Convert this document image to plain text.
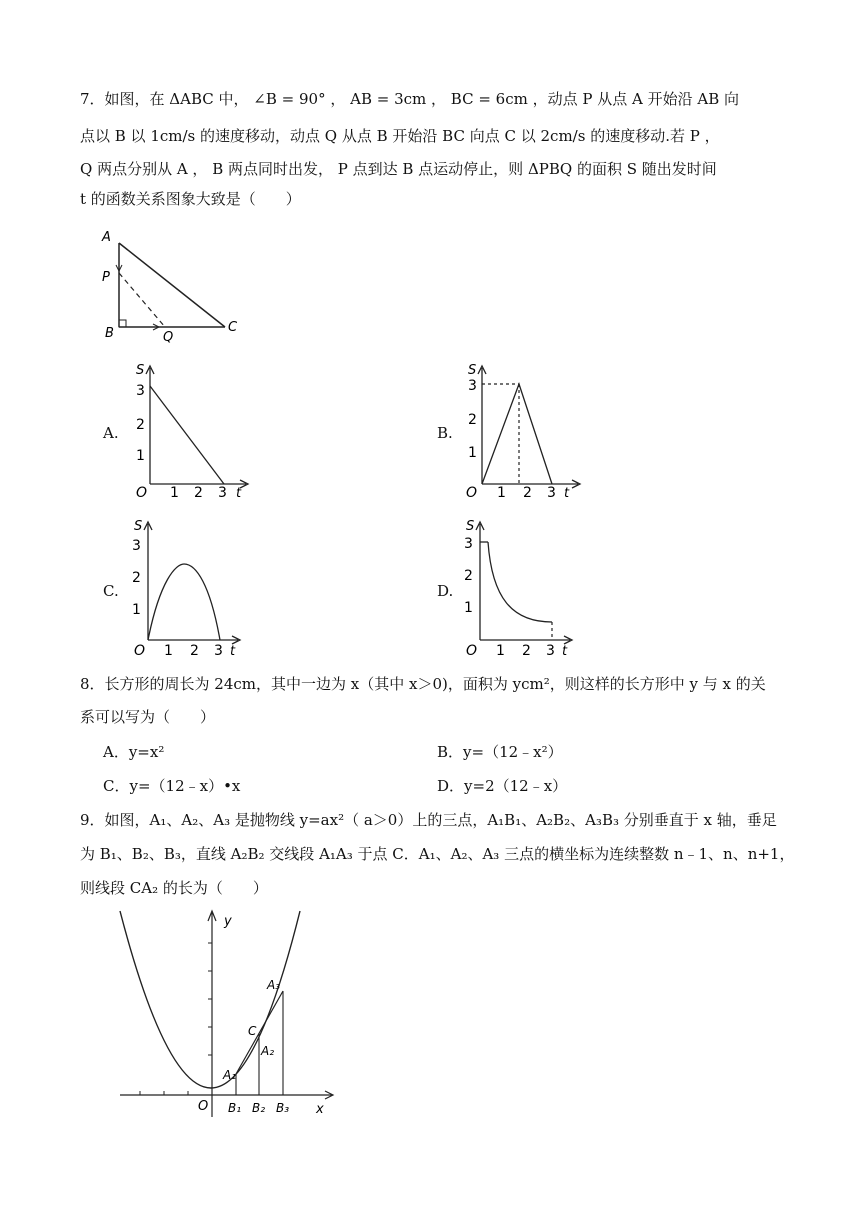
7．如图，在 ΔABC 中， ∠B = 90° ， AB = 3cm ， BC = 6cm ，动点 P 从点 A 开始沿 AB 向
点以 B 以 1cm/s 的速度移动，动点 Q 从点 B 开始沿 BC 向点 C 以 2cm/s 的速度移动.若 P ，
Q 两点分别从 A ， B 两点同时出发， P 点到达 B 点运动停止，则 ΔPBQ 的面积 S 随出发时间
t 的函数关系图象大致是（　　）
A
P
B	Q
C
A.	B.
C.	D.
S
3
2
1
O 1 2 3 t
S
3
2
1
O 1 2 3 t
S
3
2
1
O 1 2 3 t
S
3
2
1
O 1 2 3 t
8．长方形的周长为 24cm，其中一边为 x（其中 x＞0)，面积为 ycm²，则这样的长方形中 y 与 x 的关
系可以写为（　　）
A．y=x²	B．y=（12﹣x²）
C．y=（12﹣x）•x	D．y=2（12﹣x）
9．如图，A₁、A₂、A₃ 是抛物线 y=ax²（ a＞0）上的三点，A₁B₁、A₂B₂、A₃B₃ 分别垂直于 x 轴，垂足
为 B₁、B₂、B₃，直线 A₂B₂ 交线段 A₁A₃ 于点 C．A₁、A₂、A₃ 三点的横坐标为连续整数 n﹣1、n、n+1，
则线段 CA₂ 的长为（　　）
y
x
O
A₁
A₂
A₃
C
B₁ B₂ B₃
